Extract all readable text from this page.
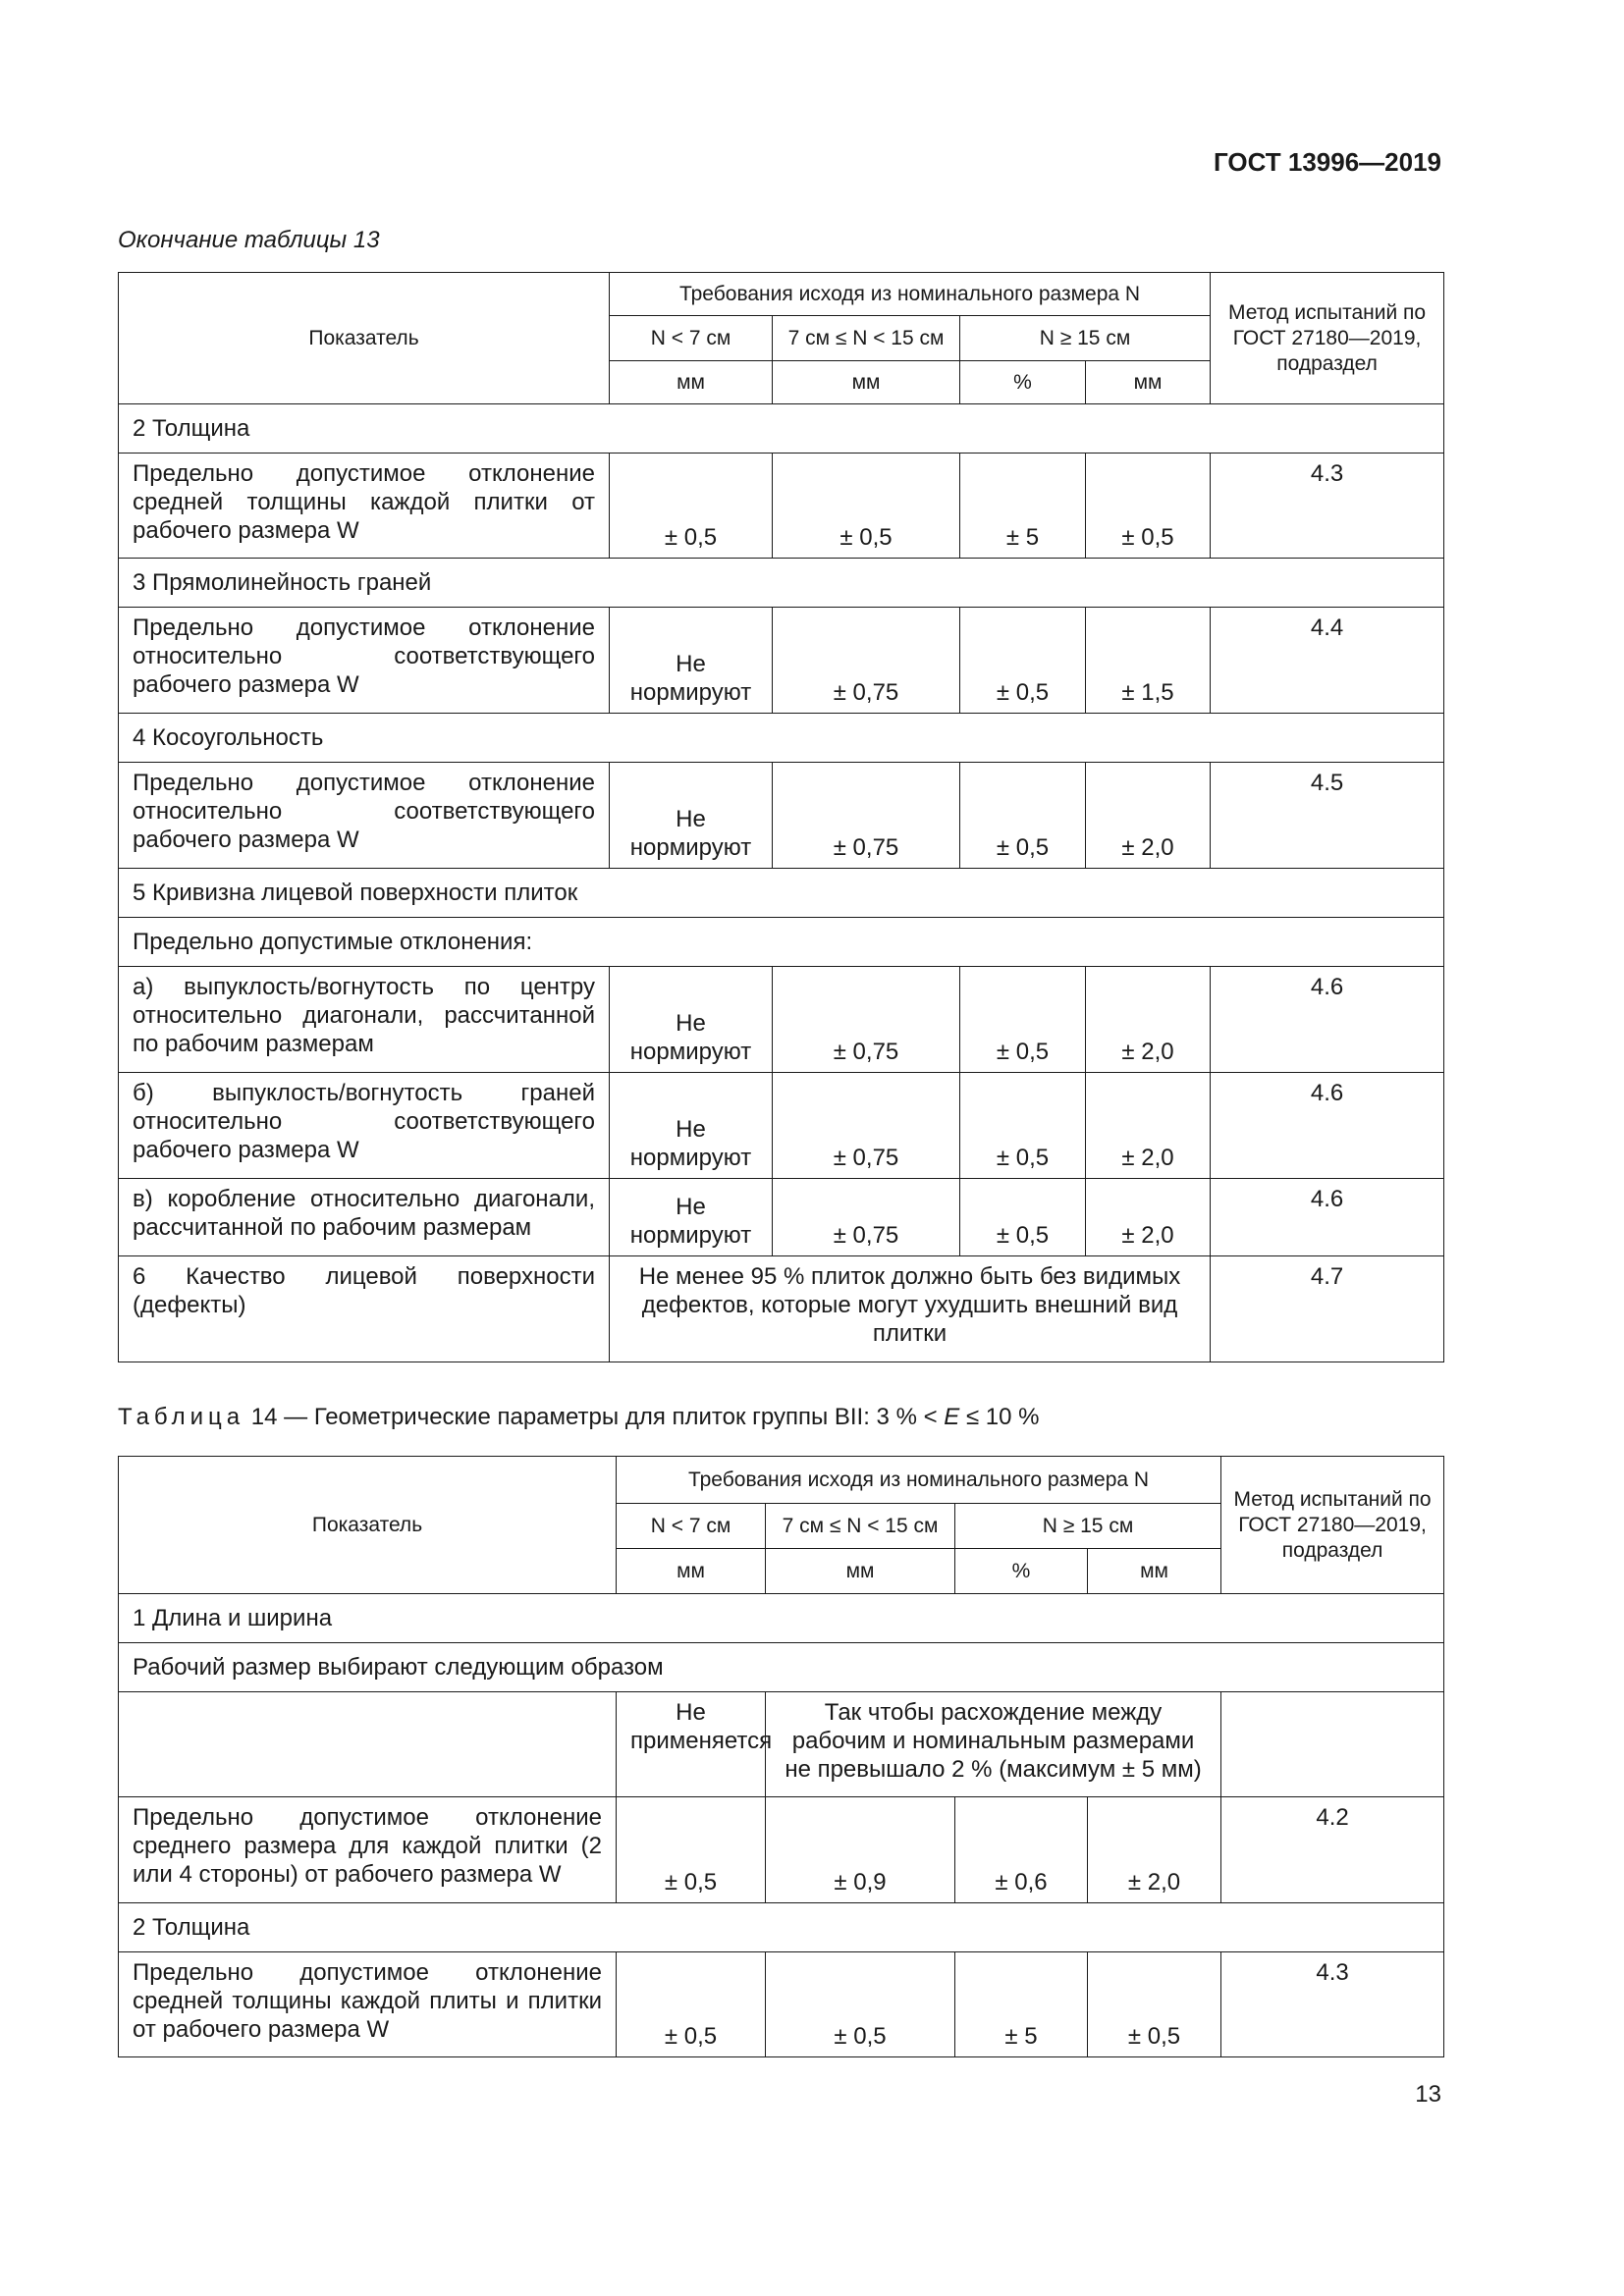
ГОСТ 13996—2019
Окончание таблицы 13
Показатель	Требования исходя из номинального размера N				Метод испытаний по ГОСТ 27180—2019, подраздел
	N < 7 см	7 см ≤ N < 15 см	N ≥ 15 см		
	мм	мм	%	мм	
2 Толщина					
Предельно допустимое отклонение средней толщины каждой плитки от рабочего размера W	± 0,5	± 0,5	± 5	± 0,5	4.3
3 Прямолинейность граней					
Предельно допустимое отклонение относительно соответствующего рабочего размера W	Не нормируют	± 0,75	± 0,5	± 1,5	4.4
4 Косоугольность					
Предельно допустимое отклонение относительно соответствующего рабочего размера W	Не нормируют	± 0,75	± 0,5	± 2,0	4.5
5 Кривизна лицевой поверхности плиток					
Предельно допустимые отклонения:					
а) выпуклость/вогнутость по центру относительно диагонали, рассчитанной по рабочим размерам	Не нормируют	± 0,75	± 0,5	± 2,0	4.6
б) выпуклость/вогнутость граней относительно соответствующего рабочего размера W	Не нормируют	± 0,75	± 0,5	± 2,0	4.6
в) коробление относительно диагонали, рассчитанной по рабочим размерам	Не нормируют	± 0,75	± 0,5	± 2,0	4.6
6 Качество лицевой поверхности (дефекты)	Не менее 95 % плиток должно быть без видимых дефектов, которые могут ухудшить внешний вид плитки				4.7
Таблица 14 — Геометрические параметры для плиток группы BII: 3 % < E ≤ 10 %
Показатель	Требования исходя из номинального размера N				Метод испытаний по ГОСТ 27180—2019, подраздел
	N < 7 см	7 см ≤ N < 15 см	N ≥ 15 см		
	мм	мм	%	мм	
1 Длина и ширина					
Рабочий размер выбирают следующим образом					
	Не применяется	Так чтобы расхождение между рабочим и номинальным размерами не превышало 2 % (максимум ± 5 мм)			
Предельно допустимое отклонение среднего размера для каждой плитки (2 или 4 стороны) от рабочего размера W	± 0,5	± 0,9	± 0,6	± 2,0	4.2
2 Толщина					
Предельно допустимое отклонение средней толщины каждой плиты и плитки от рабочего размера W	± 0,5	± 0,5	± 5	± 0,5	4.3
13
